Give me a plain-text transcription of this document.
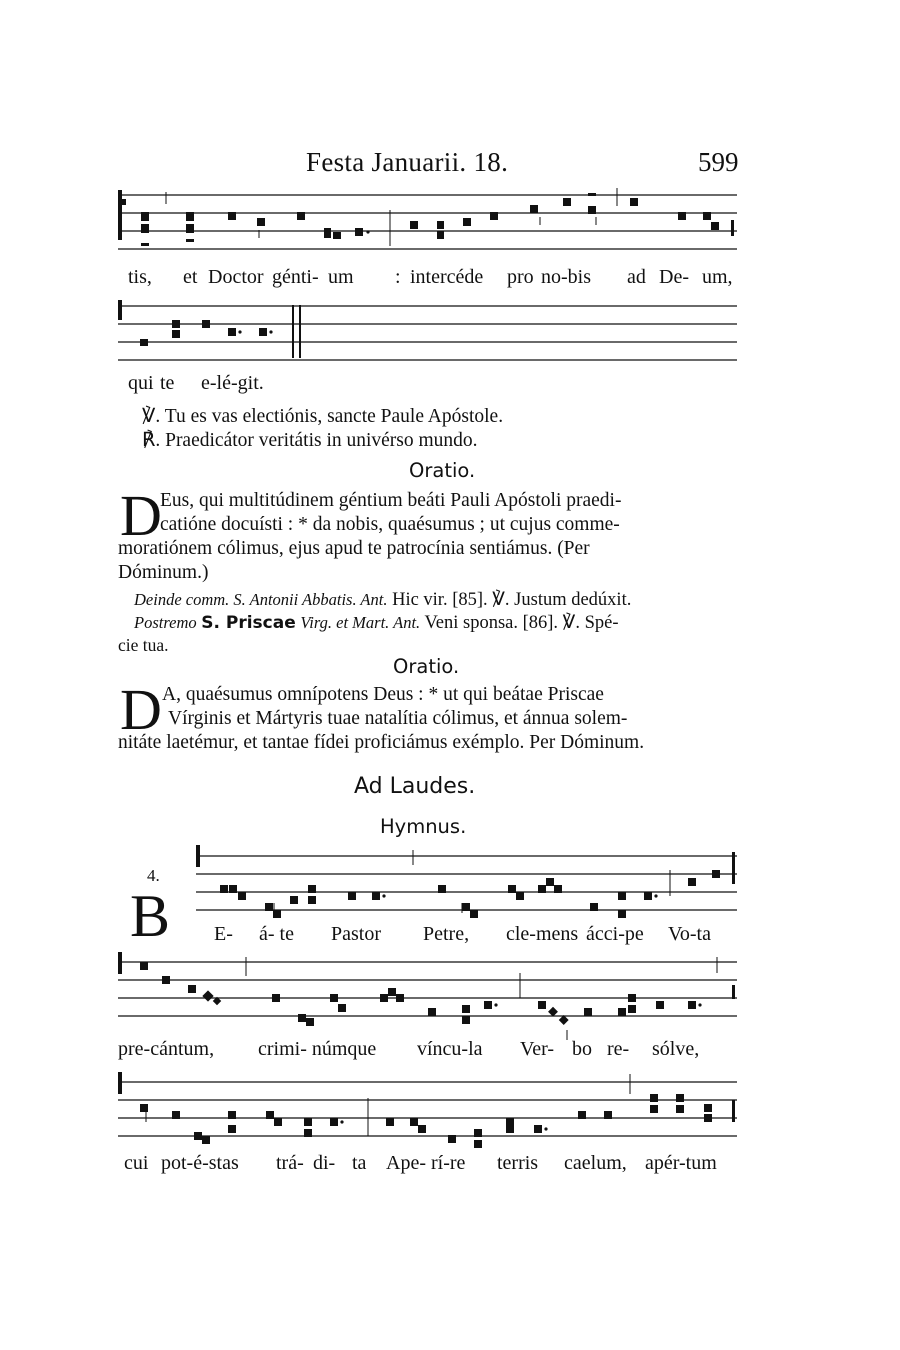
Festa Januarii. 18.	599
tis, et Doctor génti- um : intercéde pro no-bis ad De- um,
qui te e-lé-git.
℣. Tu es vas electiónis, sancte Paule Apóstole.
℟. Praedicátor veritátis in univérso mundo.
Oratio.
D
Eus, qui multitúdinem géntium beáti Pauli Apóstoli praedi-
catióne docuísti : * da nobis, quaésumus ; ut cujus comme-
moratiónem cólimus, ejus apud te patrocínia sentiámus. (Per
Dóminum.)
Deinde comm. S. Antonii Abbatis. Ant. Hic vir. [85]. ℣. Justum dedúxit.
Postremo S. Priscae Virg. et Mart. Ant. Veni sponsa. [86]. ℣. Spé-
cie tua.
Oratio.
D A, quaésumus omnípotens Deus : * ut qui beátae Priscae
Vírginis et Mártyris tuae natalítia cólimus, et ánnua solem-
nitáte laetémur, et tantae fídei proficiámus exémplo. Per Dóminum.
Ad Laudes.
Hymnus.
4.
B E- á- te Pastor Petre, cle-mens ácci-pe Vo-ta
pre-cántum, crimi- númque víncu-la Ver- bo re- sólve,
cui pot-é-stas trá- di- ta Ape- rí-re terris caelum, apér-tum
